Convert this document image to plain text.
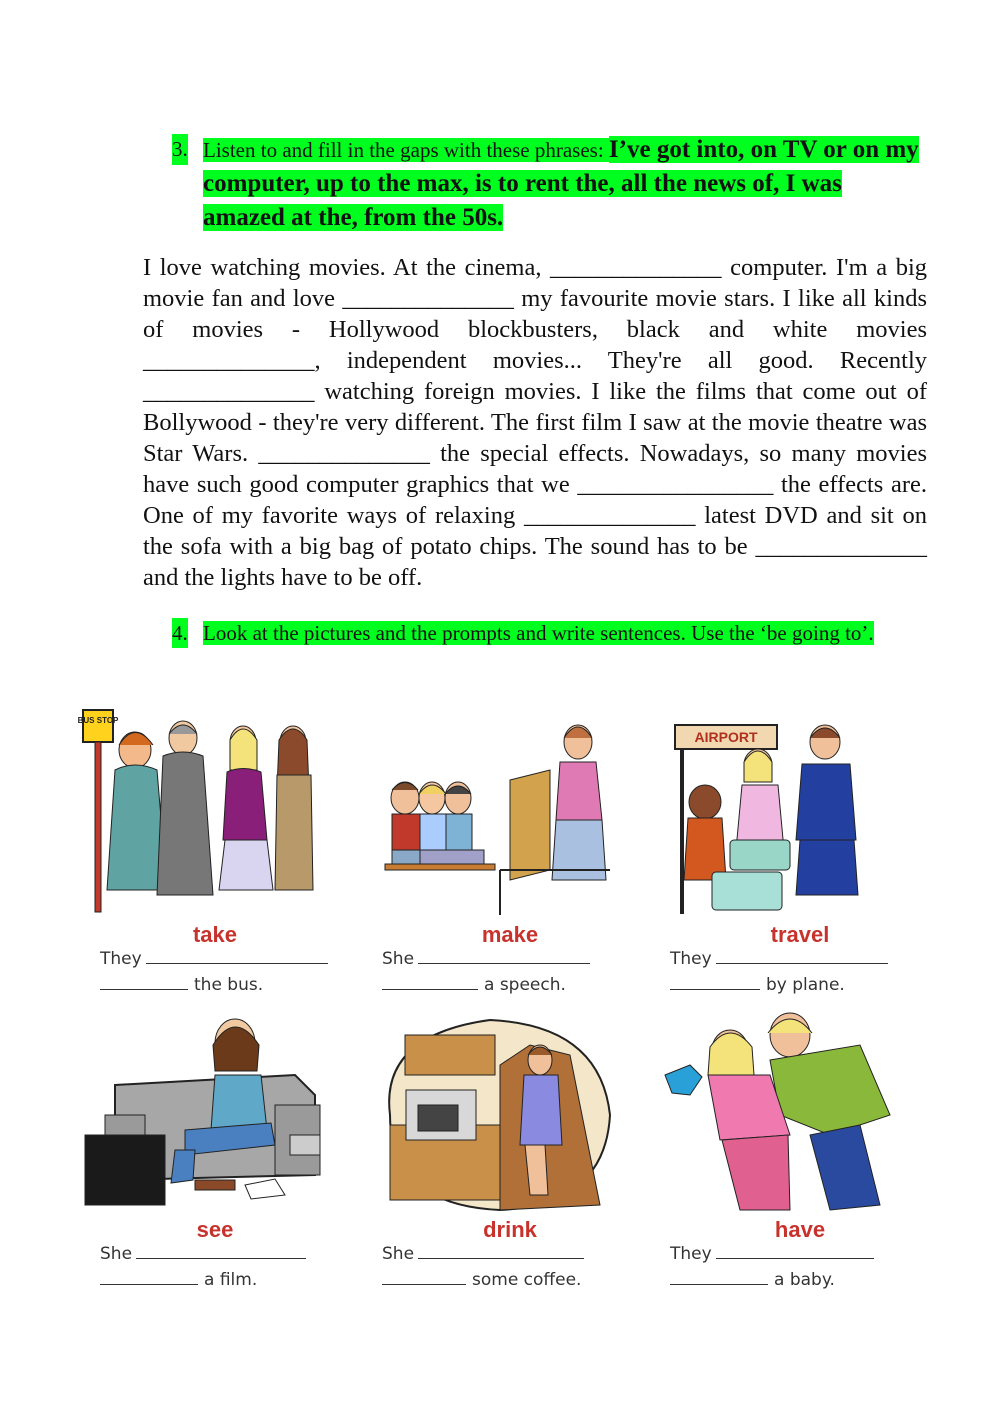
3. Listen to and fill in the gaps with these phrases: I’ve got into, on TV or on my computer, up to the max, is to rent the, all the news of, I was amazed at the, from the 50s.

I love watching movies. At the cinema, ______________ computer. I'm a big movie fan and love ______________ my favourite movie stars. I like all kinds of movies - Hollywood blockbusters, black and white movies ______________, independent movies... They're all good. Recently ______________ watching foreign movies. I like the films that come out of Bollywood - they're very different. The first film I saw at the movie theatre was Star Wars. ______________ the special effects. Nowadays, so many movies have such good computer graphics that we ________________ the effects are. One of my favorite ways of relaxing ______________ latest DVD and sit on the sofa with a big bag of potato chips. The sound has to be ______________ and the lights have to be off.

4. Look at the pictures and the prompts and write sentences. Use the ‘be going to’.
BUS STOP
take
They
the bus.
make
She
a speech.
AIRPORT
travel
They
by plane.
see
She
a film.
drink
She
some coffee.
have
They
a baby.
